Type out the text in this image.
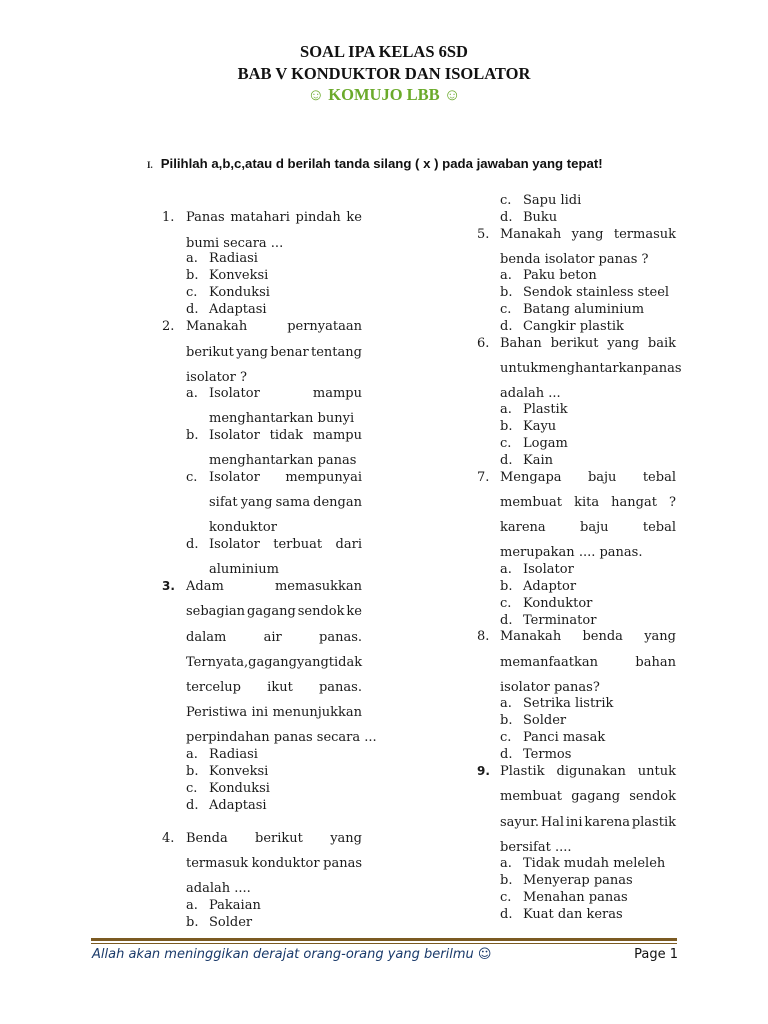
SOAL IPA KELAS 6SD
BAB V KONDUKTOR DAN ISOLATOR
☺ KOMUJO LBB ☺
I. Pilihlah a,b,c,atau d berilah tanda silang ( x ) pada jawaban yang tepat!
1. Panas matahari pindah ke
bumi secara ...
a. Radiasi
b. Konveksi
c. Konduksi
d. Adaptasi
2. Manakah	pernyataan
berikut yang benar tentang
isolator ?
a. Isolator	mampu
menghantarkan bunyi
b. Isolator tidak mampu
menghantarkan panas
c. Isolator mempunyai
sifat yang sama dengan
konduktor
d. Isolator terbuat dari
aluminium
3. Adam	memasukkan
sebagian gagang sendok ke
dalam	air	panas.
Ternyata,gagang yang tidak
tercelup ikut panas.
Peristiwa ini menunjukkan
perpindahan panas secara ...
a. Radiasi
b. Konveksi
c. Konduksi
d. Adaptasi
4. Benda berikut yang
termasuk konduktor panas
adalah ....
a. Pakaian
b. Solder
c. Sapu lidi
d. Buku
5. Manakah yang termasuk
benda isolator panas ?
a. Paku beton
b. Sendok stainless steel
c. Batang aluminium
d. Cangkir plastik
6. Bahan berikut yang baik
untuk menghantarkan panas
adalah ...
a. Plastik
b. Kayu
c. Logam
d. Kain
7. Mengapa baju tebal
membuat kita hangat ?
karena	baju	tebal
merupakan .... panas.
a. Isolator
b. Adaptor
c. Konduktor
d. Terminator
8. Manakah benda yang
memanfaatkan	bahan
isolator panas?
a. Setrika listrik
b. Solder
c. Panci masak
d. Termos
9. Plastik digunakan untuk
membuat gagang sendok
sayur. Hal ini karena plastik
bersifat ....
a. Tidak mudah meleleh
b. Menyerap panas
c. Menahan panas
d. Kuat dan keras
Allah akan meninggikan derajat orang-orang yang berilmu ☺	Page 1
